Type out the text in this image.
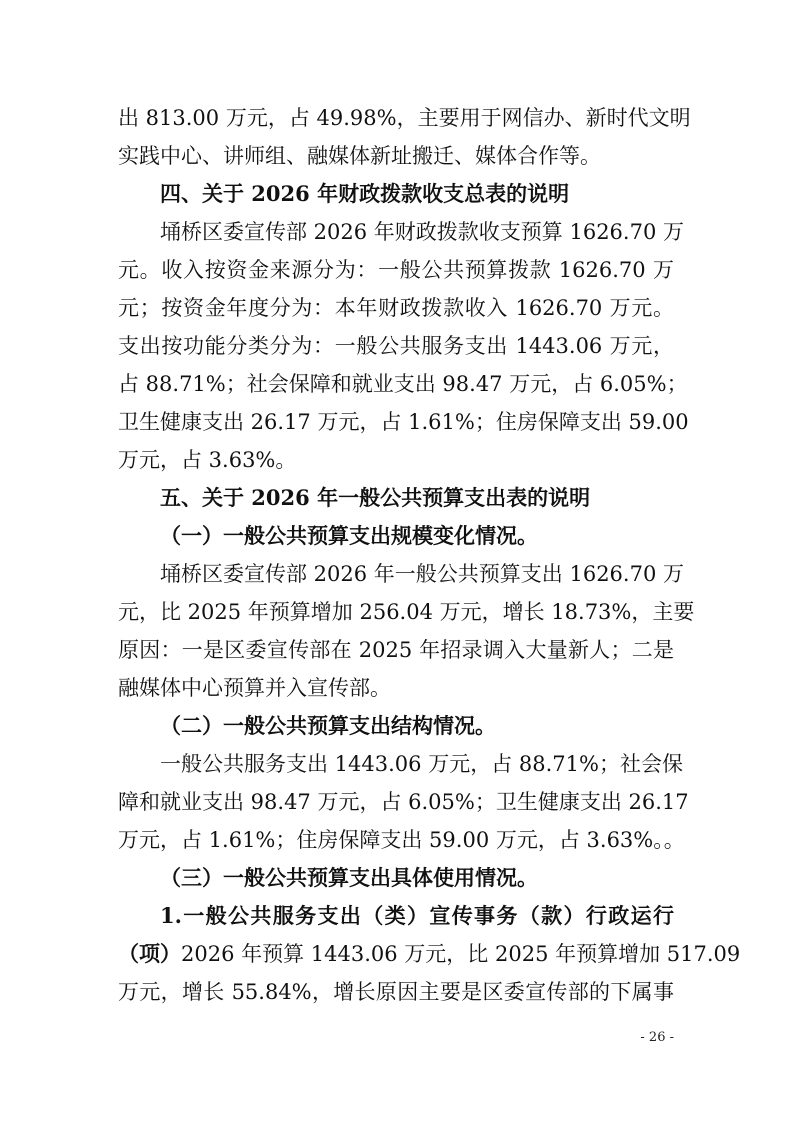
出 813.00 万元，占 49.98%，主要用于网信办、新时代文明
实践中心、讲师组、融媒体新址搬迁、媒体合作等。
四、关于 2026 年财政拨款收支总表的说明
埇桥区委宣传部 2026 年财政拨款收支预算 1626.70 万
元。收入按资金来源分为：一般公共预算拨款 1626.70 万
元；按资金年度分为：本年财政拨款收入 1626.70 万元。
支出按功能分类分为：一般公共服务支出 1443.06 万元，
占 88.71%；社会保障和就业支出 98.47 万元，占 6.05%；
卫生健康支出 26.17 万元，占 1.61%；住房保障支出 59.00
万元，占 3.63%。
五、关于 2026 年一般公共预算支出表的说明
（一）一般公共预算支出规模变化情况。
埇桥区委宣传部 2026 年一般公共预算支出 1626.70 万
元，比 2025 年预算增加 256.04 万元，增长 18.73%，主要
原因：一是区委宣传部在 2025 年招录调入大量新人；二是
融媒体中心预算并入宣传部。
（二）一般公共预算支出结构情况。
一般公共服务支出 1443.06 万元，占 88.71%；社会保
障和就业支出 98.47 万元，占 6.05%；卫生健康支出 26.17
万元，占 1.61%；住房保障支出 59.00 万元，占 3.63%。。
（三）一般公共预算支出具体使用情况。
1.一般公共服务支出（类）宣传事务（款）行政运行
（项）2026 年预算 1443.06 万元，比 2025 年预算增加 517.09
万元，增长 55.84%，增长原因主要是区委宣传部的下属事
- 26 -
